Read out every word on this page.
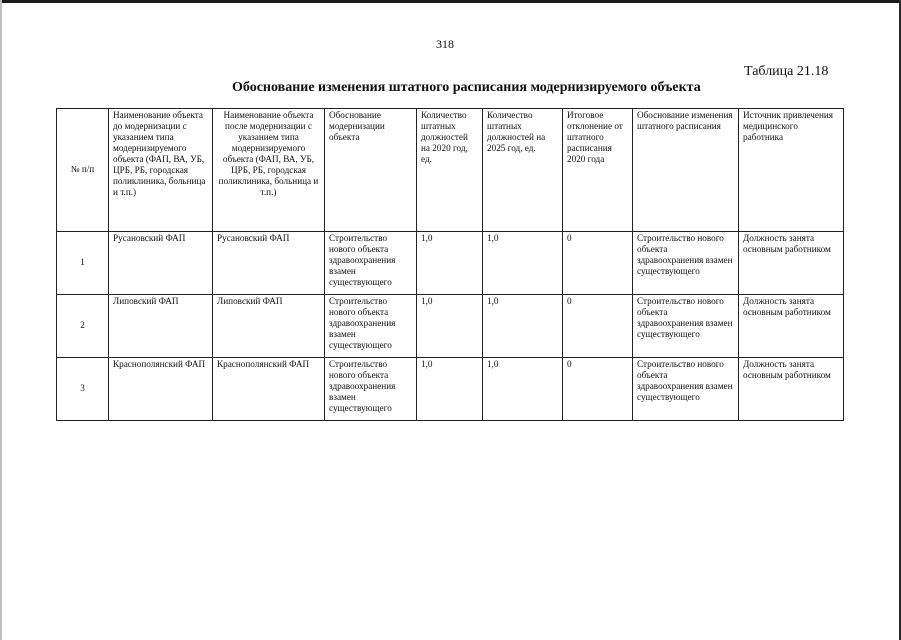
318
Таблица 21.18
Обоснование изменения штатного расписания модернизируемого объекта
№ п/п	Наименование объекта до модернизации с указанием типа модернизируемого объекта (ФАП, ВА, УБ, ЦРБ, РБ, городская поликлиника, больница и т.п.)	Наименование объекта после модернизации с указанием типа модернизируемого объекта (ФАП, ВА, УБ, ЦРБ, РБ, городская поликлиника, больница и т.п.)	Обоснование модернизации объекта	Количество штатных должностей на 2020 год, ед.	Количество штатных должностей на 2025 год, ед.	Итоговое отклонение от штатного расписания 2020 года	Обоснование изменения штатного расписания	Источник привлечения медицинского работника
1	Русановский ФАП	Русановский ФАП	Строительство нового объекта здравоохранения взамен существующего	1,0	1,0	0	Строительство нового объекта здравоохранения взамен существующего	Должность занята основным работником
2	Липовский ФАП	Липовский ФАП	Строительство нового объекта здравоохранения взамен существующего	1,0	1,0	0	Строительство нового объекта здравоохранения взамен существующего	Должность занята основным работником
3	Краснополянский ФАП	Краснополянский ФАП	Строительство нового объекта здравоохранения взамен существующего	1,0	1,0	0	Строительство нового объекта здравоохранения взамен существующего	Должность занята основным работником
